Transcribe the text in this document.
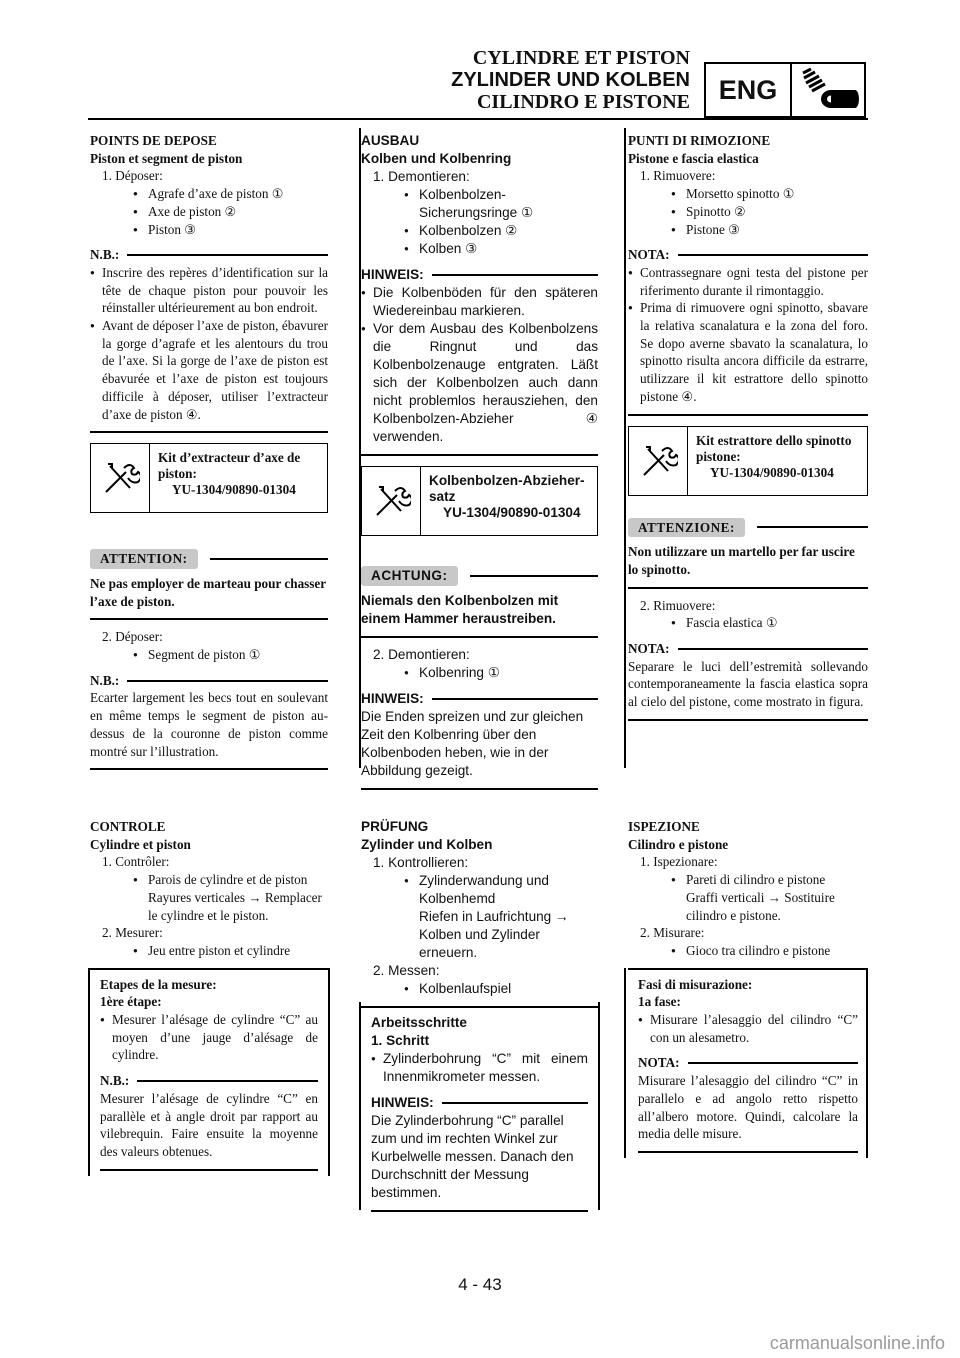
CYLINDRE ET PISTON
ZYLINDER UND KOLBEN
CILINDRO E PISTONE	ENG
POINTS DE DEPOSE
Piston et segment de piston
1. Déposer:
● Agrafe d’axe de piston ①
● Axe de piston ②
● Piston ③
N.B.:
● Inscrire des repères d’identification sur la tête de chaque piston pour pouvoir les réinstaller ultérieurement au bon endroit.
● Avant de déposer l’axe de piston, ébavurer la gorge d’agrafe et les alentours du trou de l’axe. Si la gorge de l’axe de piston est ébavurée et l’axe de piston est toujours difficile à déposer, utiliser l’extracteur d’axe de piston ④.
Kit d’extracteur d’axe de piston:
YU-1304/90890-01304
ATTENTION:
Ne pas employer de marteau pour chasser l’axe de piston.
2. Déposer:
● Segment de piston ①
N.B.:
Ecarter largement les becs tout en soulevant en même temps le segment de piston au-dessus de la couronne de piston comme montré sur l’illustration.
AUSBAU
Kolben und Kolbenring
1. Demontieren:
● Kolbenbolzen-Sicherungsringe ①
● Kolbenbolzen ②
● Kolben ③
HINWEIS:
● Die Kolbenböden für den späteren Wiedereinbau markieren.
● Vor dem Ausbau des Kolbenbolzens die Ringnut und das Kolbenbolzenauge entgraten. Läßt sich der Kolbenbolzen auch dann nicht problemlos herausziehen, den Kolbenbolzen-Abzieher ④ verwenden.
Kolbenbolzen-Abzieher-satz
YU-1304/90890-01304
ACHTUNG:
Niemals den Kolbenbolzen mit einem Hammer heraustreiben.
2. Demontieren:
● Kolbenring ①
HINWEIS:
Die Enden spreizen und zur gleichen Zeit den Kolbenring über den Kolbenboden heben, wie in der Abbildung gezeigt.
PUNTI DI RIMOZIONE
Pistone e fascia elastica
1. Rimuovere:
● Morsetto spinotto ①
● Spinotto ②
● Pistone ③
NOTA:
● Contrassegnare ogni testa del pistone per riferimento durante il rimontaggio.
● Prima di rimuovere ogni spinotto, sbavare la relativa scanalatura e la zona del foro. Se dopo averne sbavato la scanalatura, lo spinotto risulta ancora difficile da estrarre, utilizzare il kit estrattore dello spinotto pistone ④.
Kit estrattore dello spinotto pistone:
YU-1304/90890-01304
ATTENZIONE:
Non utilizzare un martello per far uscire lo spinotto.
2. Rimuovere:
● Fascia elastica ①
NOTA:
Separare le luci dell’estremità sollevando contemporaneamente la fascia elastica sopra al cielo del pistone, come mostrato in figura.
CONTROLE
Cylindre et piston
1. Contrôler:
● Parois de cylindre et de piston
Rayures verticales → Remplacer le cylindre et le piston.
2. Mesurer:
● Jeu entre piston et cylindre
Etapes de la mesure:
1ère étape:
● Mesurer l’alésage de cylindre “C” au moyen d’une jauge d’alésage de cylindre.
N.B.:
Mesurer l’alésage de cylindre “C” en parallèle et à angle droit par rapport au vilebrequin. Faire ensuite la moyenne des valeurs obtenues.
PRÜFUNG
Zylinder und Kolben
1. Kontrollieren:
● Zylinderwandung und Kolbenhemd
Riefen in Laufrichtung → Kolben und Zylinder erneuern.
2. Messen:
● Kolbenlaufspiel
Arbeitsschritte
1. Schritt
● Zylinderbohrung “C” mit einem Innenmikrometer messen.
HINWEIS:
Die Zylinderbohrung “C” parallel zum und im rechten Winkel zur Kurbelwelle messen. Danach den Durchschnitt der Messung bestimmen.
ISPEZIONE
Cilindro e pistone
1. Ispezionare:
● Pareti di cilindro e pistone
Graffi verticali → Sostituire cilindro e pistone.
2. Misurare:
● Gioco tra cilindro e pistone
Fasi di misurazione:
1a fase:
● Misurare l’alesaggio del cilindro “C” con un alesametro.
NOTA:
Misurare l’alesaggio del cilindro “C” in parallelo e ad angolo retto rispetto all’albero motore. Quindi, calcolare la media delle misure.
4 - 43
carmanualsonline.info
